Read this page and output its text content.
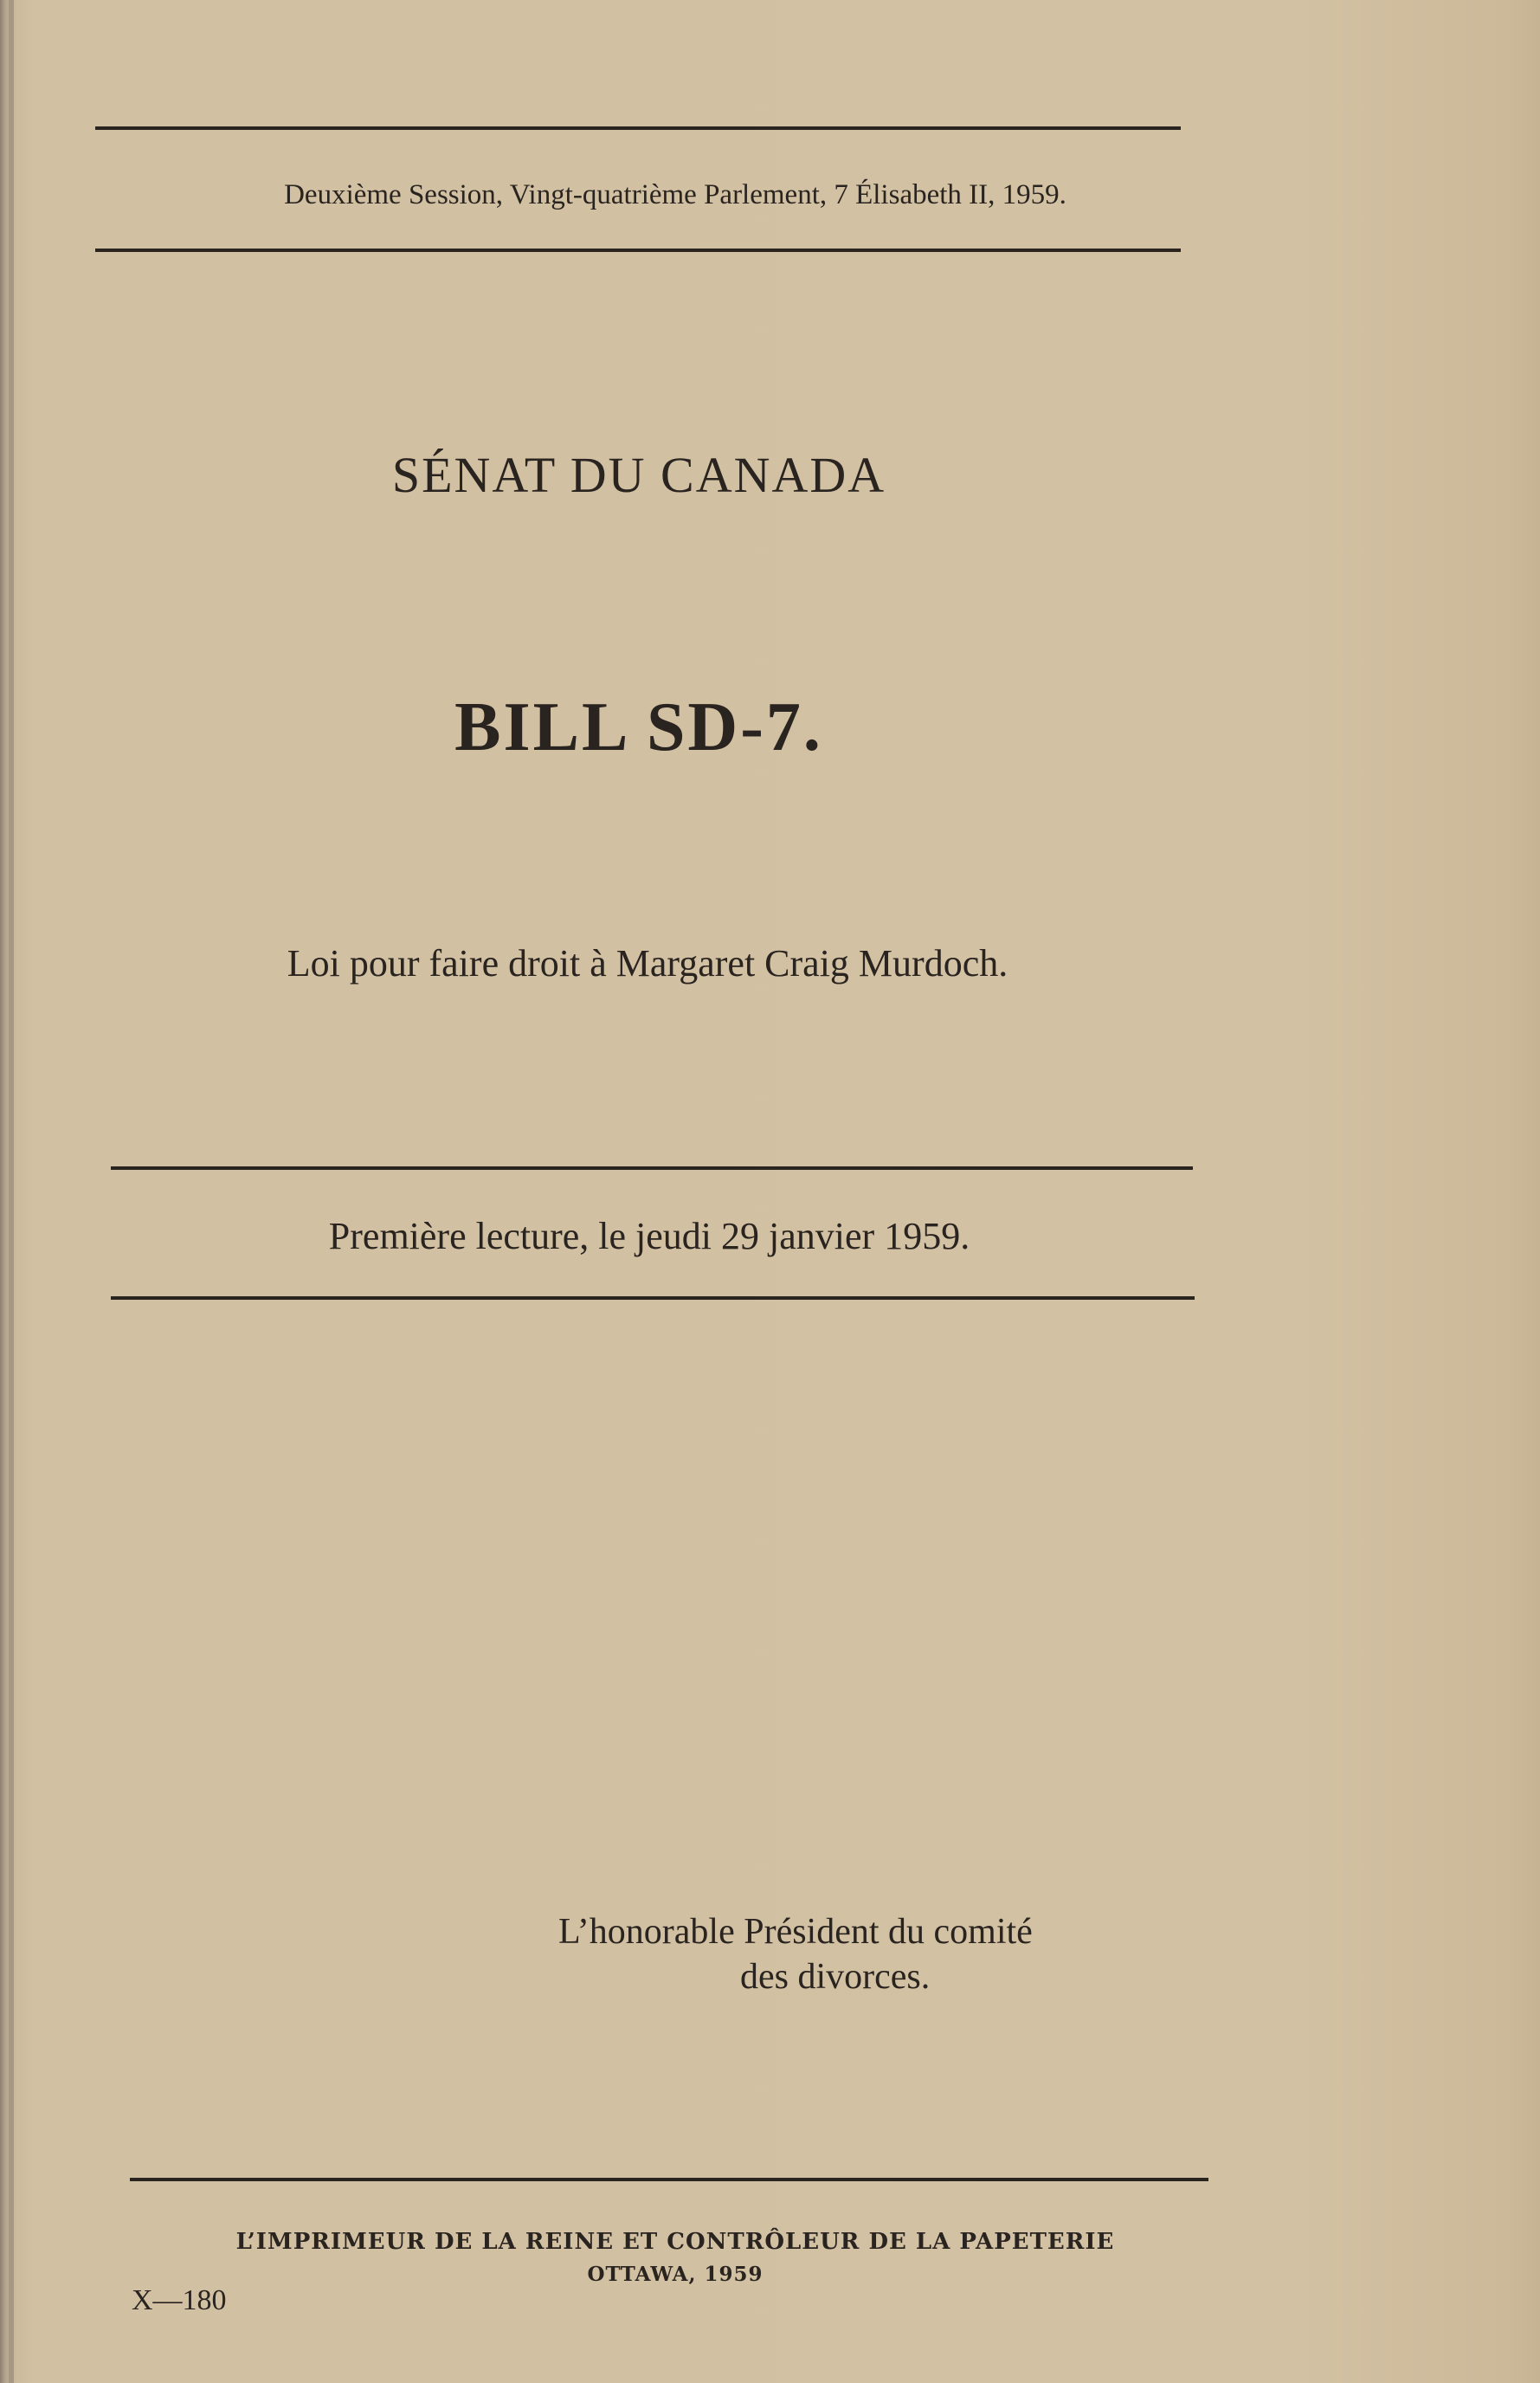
Deuxième Session, Vingt-quatrième Parlement, 7 Élisabeth II, 1959.
SÉNAT DU CANADA
BILL SD-7.
Loi pour faire droit à Margaret Craig Murdoch.
Première lecture, le jeudi 29 janvier 1959.
L’honorable Président du comité
des divorces.
L’IMPRIMEUR DE LA REINE ET CONTRÔLEUR DE LA PAPETERIE
OTTAWA, 1959
X—180
